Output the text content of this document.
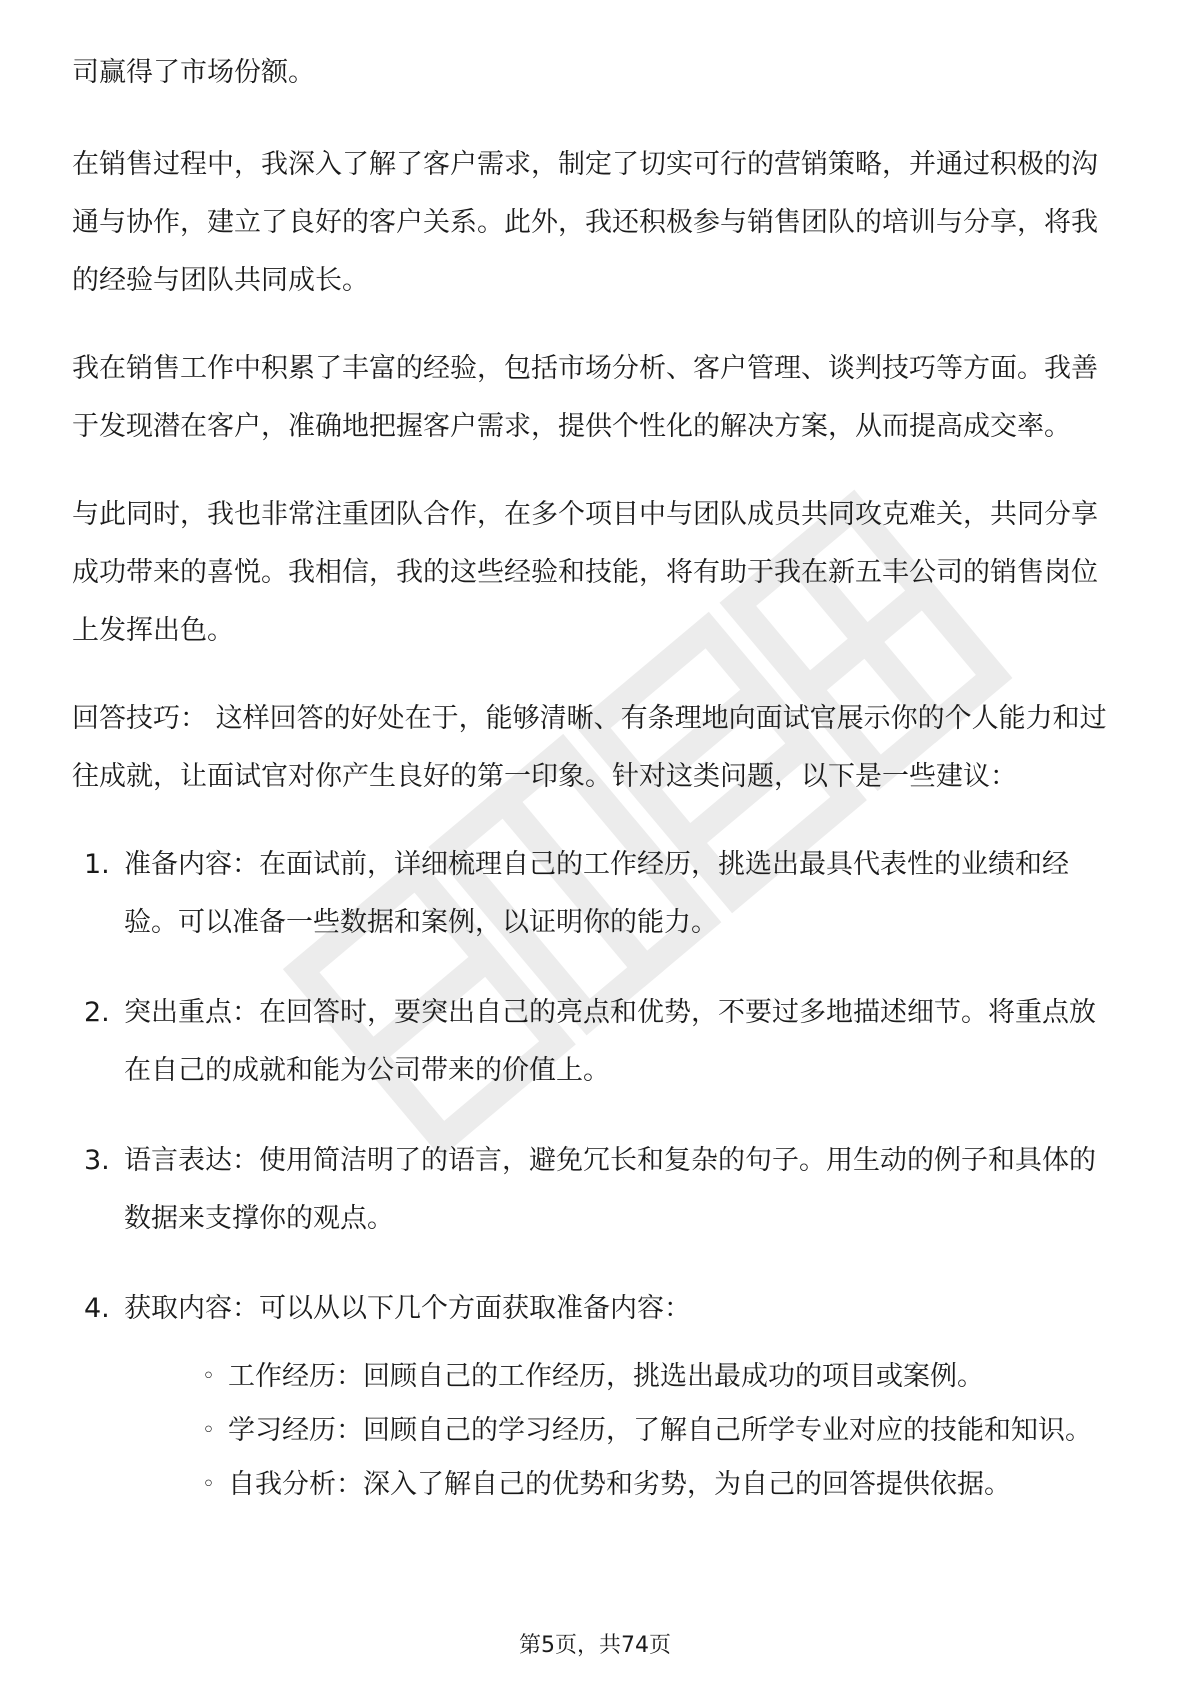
司赢得了市场份额。

在销售过程中，我深入了解了客户需求，制定了切实可行的营销策略，并通过积极的沟通与协作，建立了良好的客户关系。此外，我还积极参与销售团队的培训与分享，将我的经验与团队共同成长。

我在销售工作中积累了丰富的经验，包括市场分析、客户管理、谈判技巧等方面。我善于发现潜在客户，准确地把握客户需求，提供个性化的解决方案，从而提高成交率。

与此同时，我也非常注重团队合作，在多个项目中与团队成员共同攻克难关，共同分享成功带来的喜悦。我相信，我的这些经验和技能，将有助于我在新五丰公司的销售岗位上发挥出色。

回答技巧： 这样回答的好处在于，能够清晰、有条理地向面试官展示你的个人能力和过往成就，让面试官对你产生良好的第一印象。针对这类问题，以下是一些建议：

1. 准备内容：在面试前，详细梳理自己的工作经历，挑选出最具代表性的业绩和经验。可以准备一些数据和案例，以证明你的能力。
2. 突出重点：在回答时，要突出自己的亮点和优势，不要过多地描述细节。将重点放在自己的成就和能为公司带来的价值上。
3. 语言表达：使用简洁明了的语言，避免冗长和复杂的句子。用生动的例子和具体的数据来支撑你的观点。
4. 获取内容：可以从以下几个方面获取准备内容：
◦ 工作经历：回顾自己的工作经历，挑选出最成功的项目或案例。
◦ 学习经历：回顾自己的学习经历，了解自己所学专业对应的技能和知识。
◦ 自我分析：深入了解自己的优势和劣势，为自己的回答提供依据。
第5页，共74页
